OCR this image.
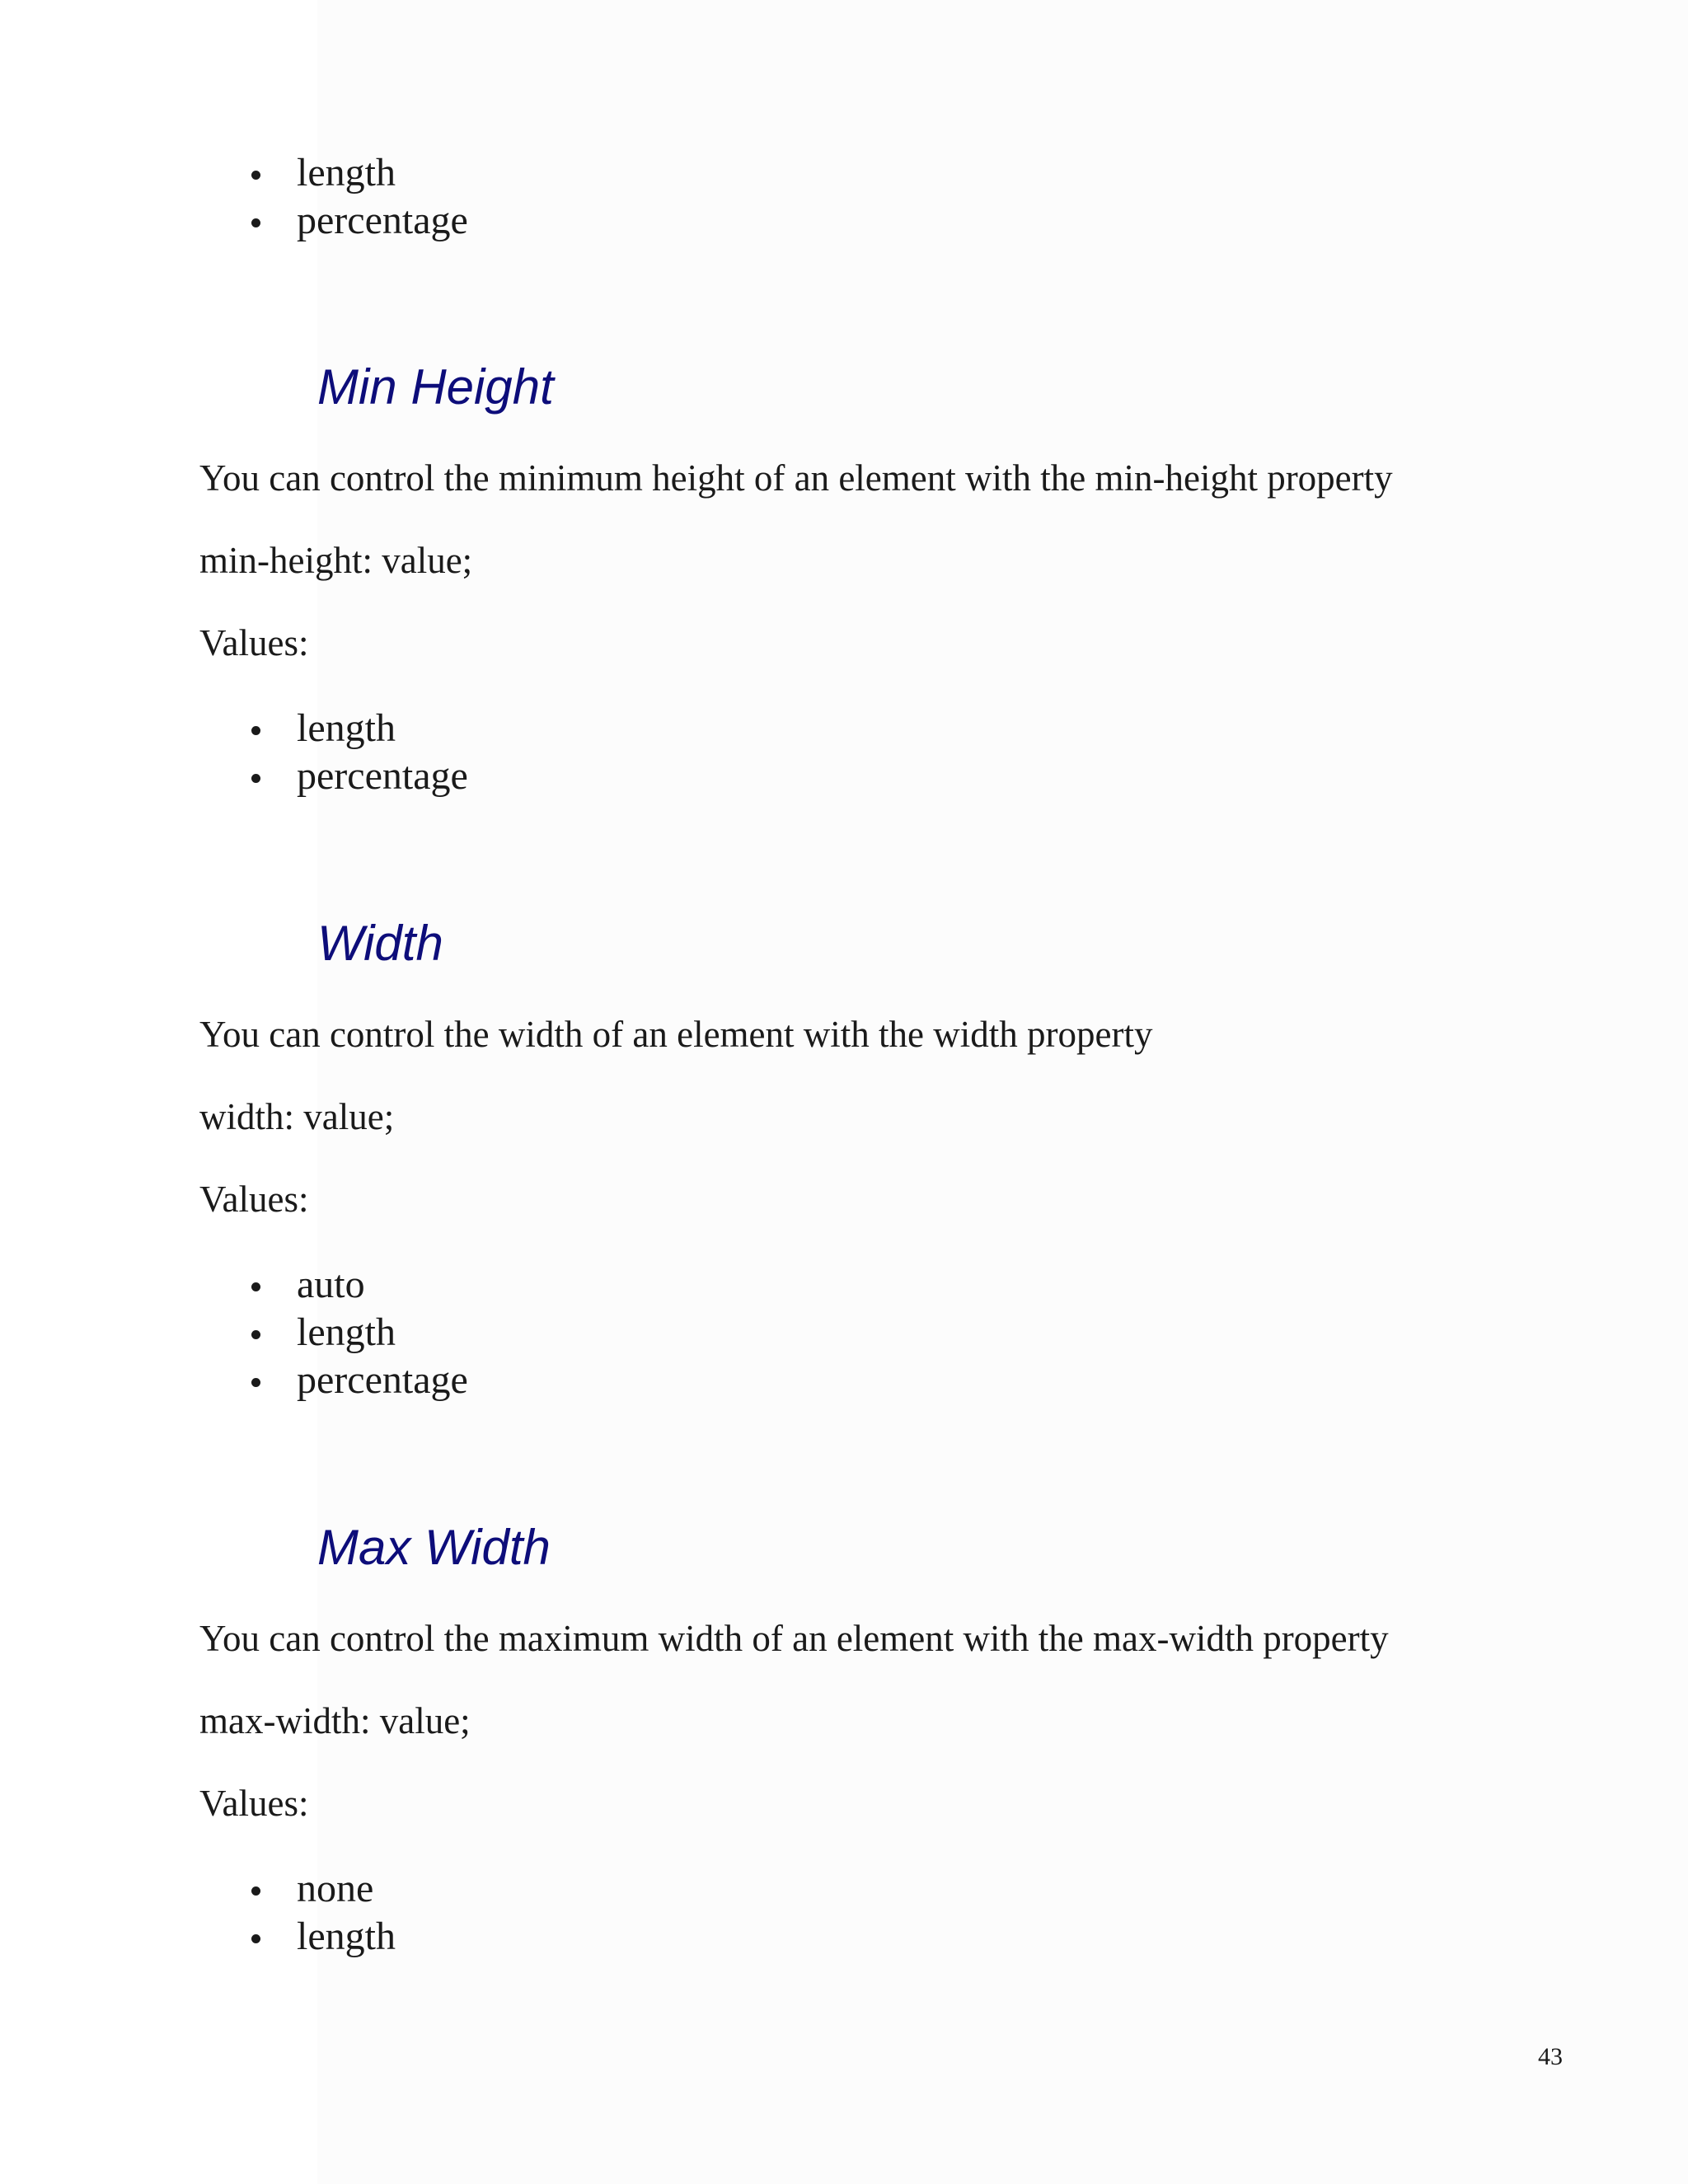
length
percentage
Min Height

You can control the minimum height of an element with the min-height property

min-height: value;

Values:

length
percentage
Width

You can control the width of an element with the width property

width: value;

Values:

auto
length
percentage
Max Width

You can control the maximum width of an element with the max-width property

max-width: value;

Values:

none
length
43
